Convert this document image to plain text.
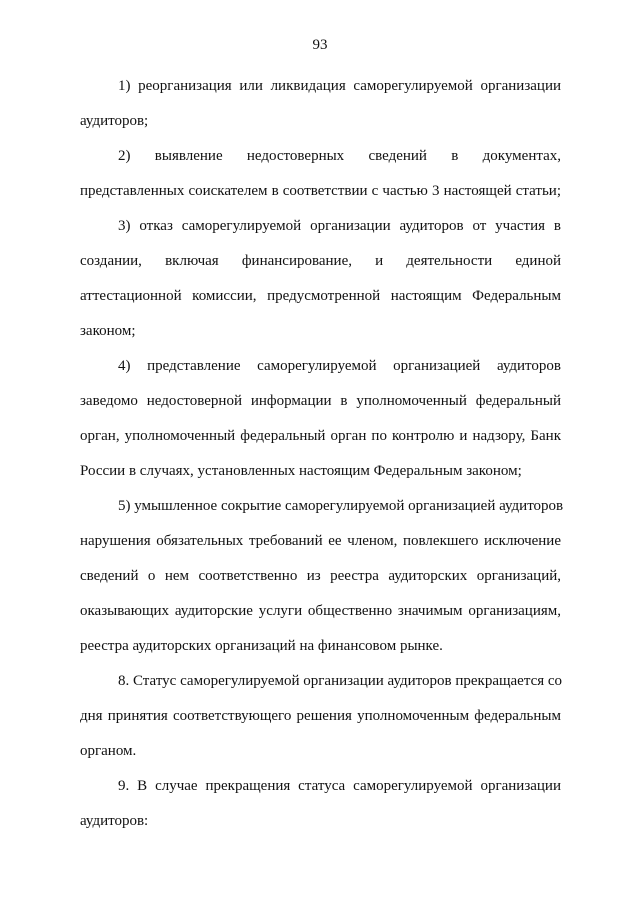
93
1) реорганизация или ликвидация саморегулируемой организации
аудиторов;
2) выявление недостоверных сведений в документах,
представленных соискателем в соответствии с частью 3 настоящей статьи;
3) отказ саморегулируемой организации аудиторов от участия в
создании, включая финансирование, и деятельности единой
аттестационной комиссии, предусмотренной настоящим Федеральным
законом;
4) представление саморегулируемой организацией аудиторов
заведомо недостоверной информации в уполномоченный федеральный
орган, уполномоченный федеральный орган по контролю и надзору, Банк
России в случаях, установленных настоящим Федеральным законом;
5) умышленное сокрытие саморегулируемой организацией аудиторов
нарушения обязательных требований ее членом, повлекшего исключение
сведений о нем соответственно из реестра аудиторских организаций,
оказывающих аудиторские услуги общественно значимым организациям,
реестра аудиторских организаций на финансовом рынке.
8. Статус саморегулируемой организации аудиторов прекращается со
дня принятия соответствующего решения уполномоченным федеральным
органом.
9. В случае прекращения статуса саморегулируемой организации
аудиторов:
